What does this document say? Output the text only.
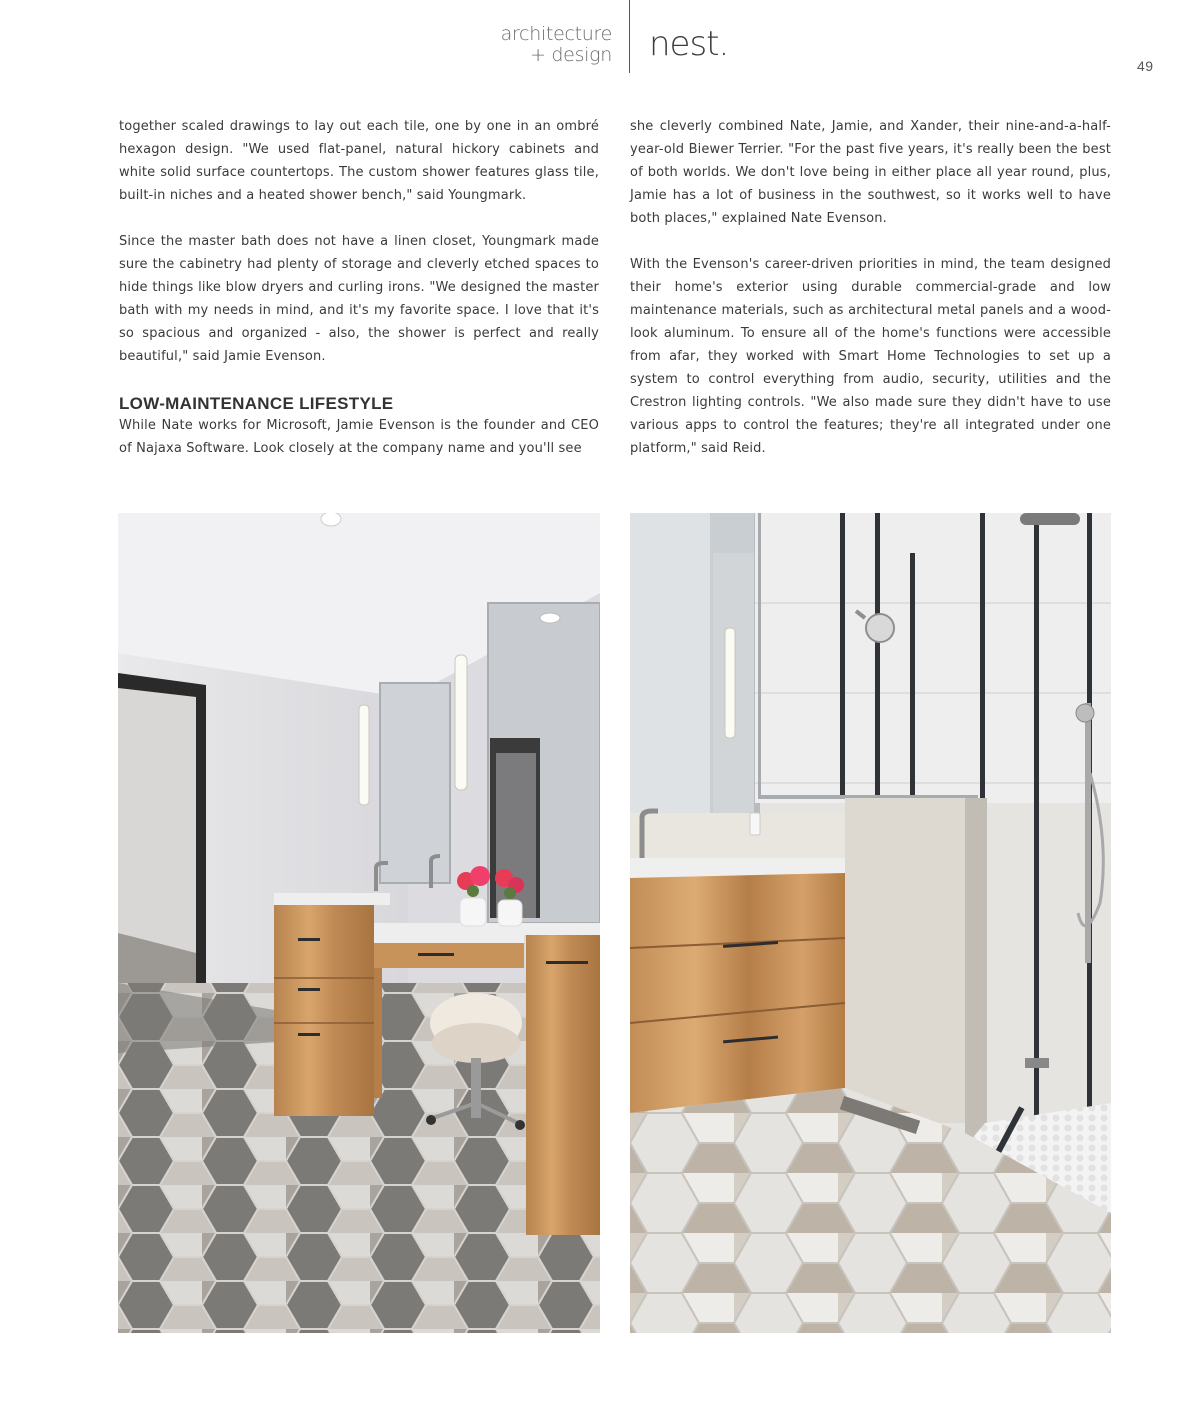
architecture
+ design nest.
49

together scaled drawings to lay out each tile, one by one in an ombré hexagon design. "We used flat-panel, natural hickory cabinets and white solid surface countertops. The custom shower features glass tile, built-in niches and a heated shower bench," said Youngmark.

Since the master bath does not have a linen closet, Youngmark made sure the cabinetry had plenty of storage and cleverly etched spaces to hide things like blow dryers and curling irons. "We designed the master bath with my needs in mind, and it's my favorite space. I love that it's so spacious and organized - also, the shower is perfect and really beautiful," said Jamie Evenson.

LOW-MAINTENANCE LIFESTYLE

While Nate works for Microsoft, Jamie Evenson is the founder and CEO of Najaxa Software. Look closely at the company name and you'll see

she cleverly combined Nate, Jamie, and Xander, their nine-and-a-half-year-old Biewer Terrier. "For the past five years, it's really been the best of both worlds. We don't love being in either place all year round, plus, Jamie has a lot of business in the southwest, so it works well to have both places," explained Nate Evenson.

With the Evenson's career-driven priorities in mind, the team designed their home's exterior using durable commercial-grade and low maintenance materials, such as architectural metal panels and a wood-look aluminum. To ensure all of the home's functions were accessible from afar, they worked with Smart Home Technologies to set up a system to control everything from audio, security, utilities and the Crestron lighting controls. "We also made sure they didn't have to use various apps to control the features; they're all integrated under one platform," said Reid.
